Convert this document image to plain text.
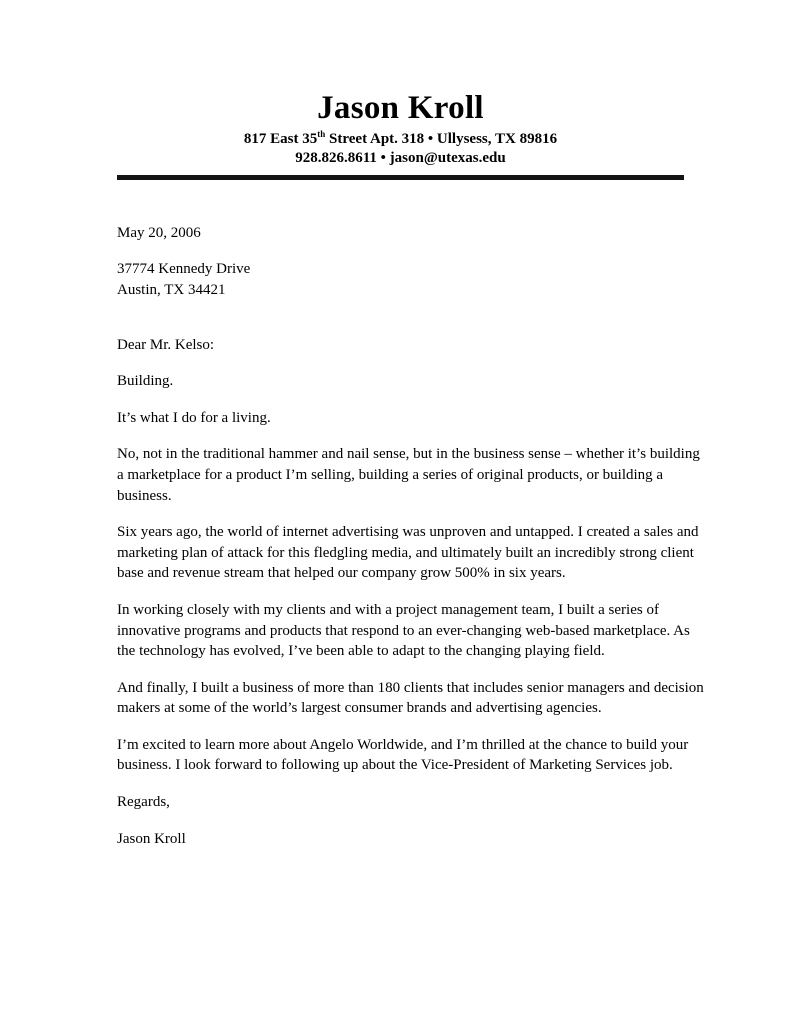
Jason Kroll

817 East 35th Street Apt. 318 • Ullysess, TX 89816

928.826.8611 • jason@utexas.edu

May 20, 2006

37774 Kennedy Drive
Austin, TX 34421

Dear Mr. Kelso:

Building.

It’s what I do for a living.

No, not in the traditional hammer and nail sense, but in the business sense – whether it’s building a marketplace for a product I’m selling, building a series of original products, or building a business.

Six years ago, the world of internet advertising was unproven and untapped. I created a sales and marketing plan of attack for this fledgling media, and ultimately built an incredibly strong client base and revenue stream that helped our company grow 500% in six years.

In working closely with my clients and with a project management team, I built a series of innovative programs and products that respond to an ever-changing web-based marketplace. As the technology has evolved, I’ve been able to adapt to the changing playing field.

And finally, I built a business of more than 180 clients that includes senior managers and decision makers at some of the world’s largest consumer brands and advertising agencies.

I’m excited to learn more about Angelo Worldwide, and I’m thrilled at the chance to build your business. I look forward to following up about the Vice-President of Marketing Services job.

Regards,

Jason Kroll
